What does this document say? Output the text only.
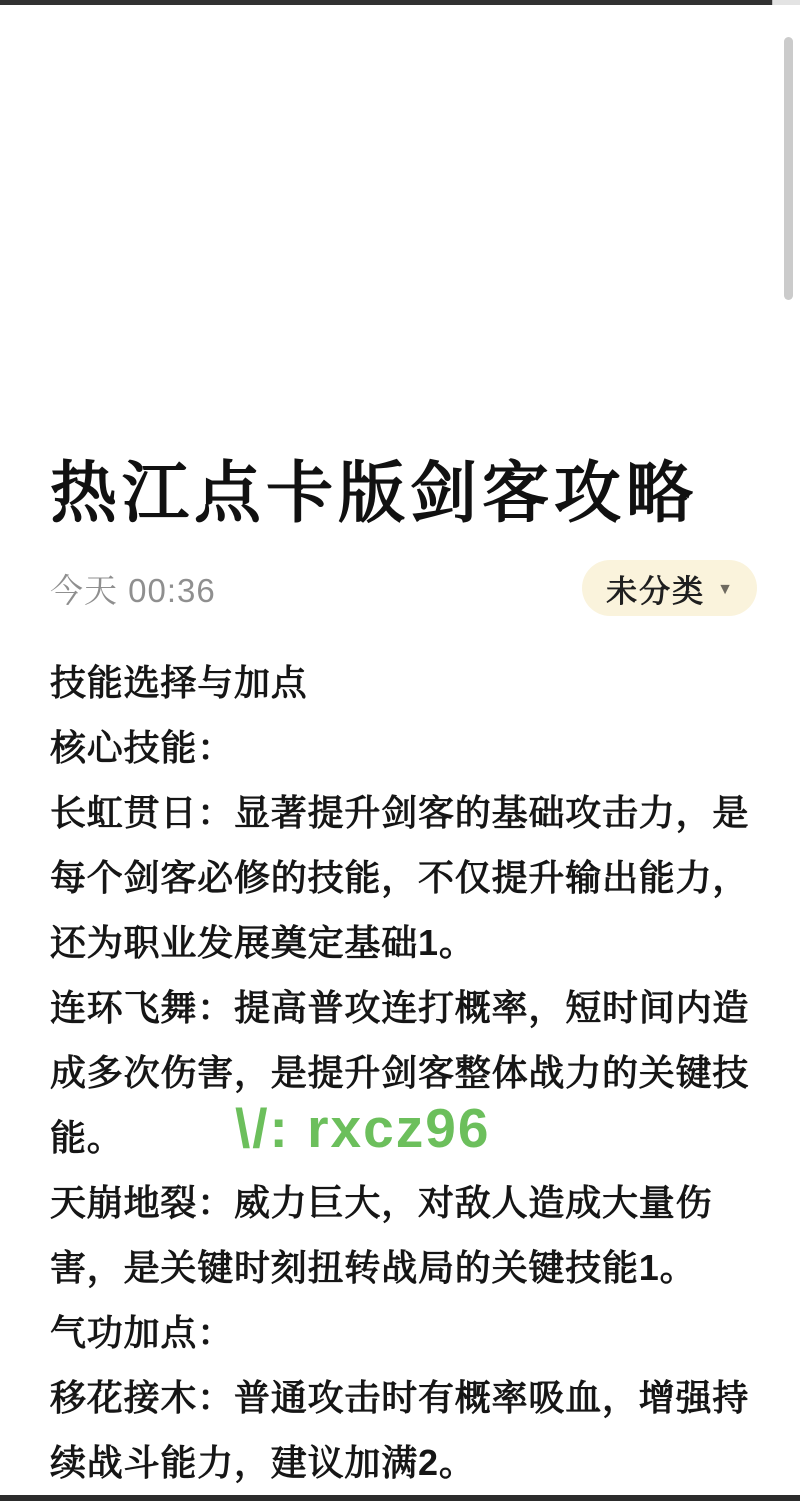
热江点卡版剑客攻略
今天 00:36	未分类 ▼
技能选择与加点
核心技能：
长虹贯日：显著提升剑客的基础攻击力，是
每个剑客必修的技能，不仅提升输出能力，
还为职业发展奠定基础1。
连环飞舞：提高普攻连打概率，短时间内造
成多次伤害，是提升剑客整体战力的关键技
能。
天崩地裂：威力巨大，对敌人造成大量伤
害，是关键时刻扭转战局的关键技能1。
气功加点：
移花接木：普通攻击时有概率吸血，增强持
续战斗能力，建议加满2。
\/: rxcz96
